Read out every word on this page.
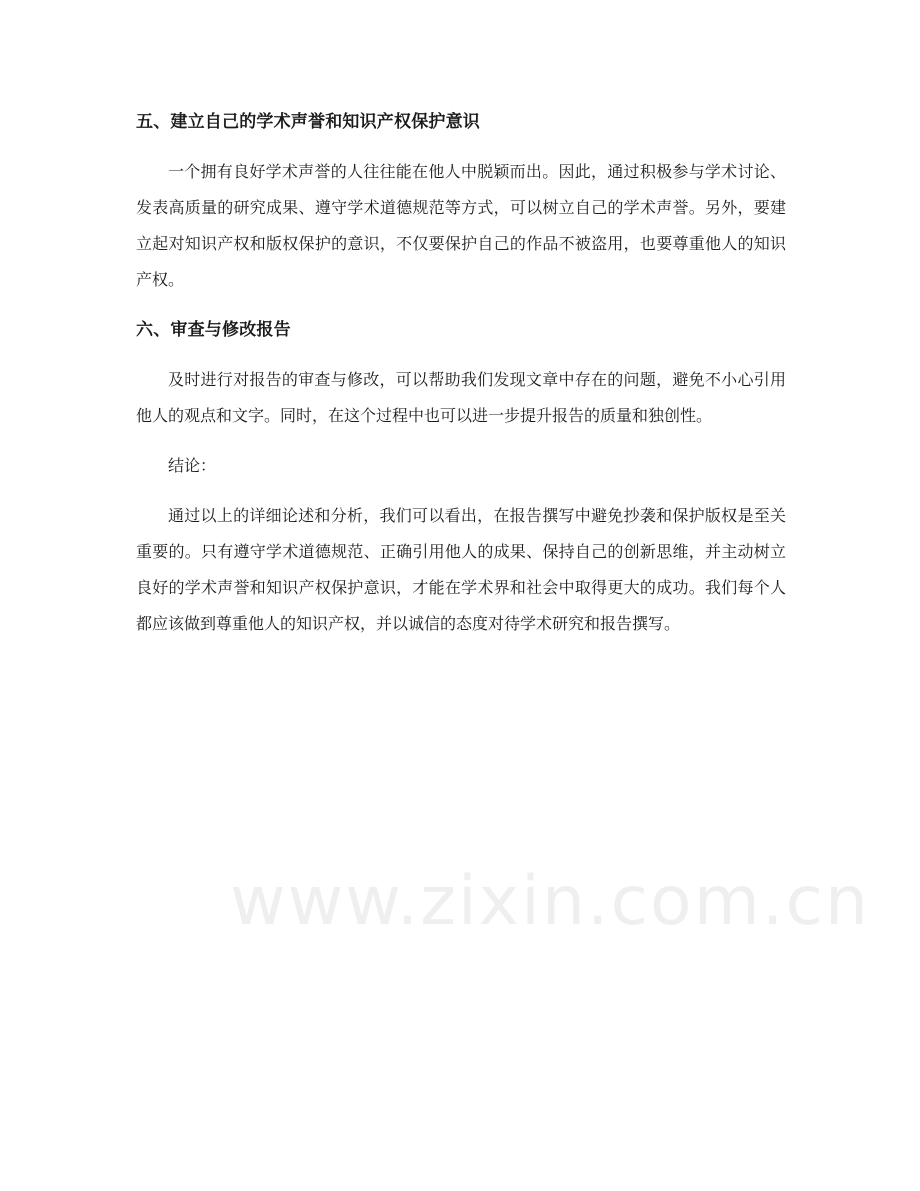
五、建立自己的学术声誉和知识产权保护意识
一个拥有良好学术声誉的人往往能在他人中脱颖而出。因此，通过积极参与学术讨论、发表高质量的研究成果、遵守学术道德规范等方式，可以树立自己的学术声誉。另外，要建立起对知识产权和版权保护的意识，不仅要保护自己的作品不被盗用，也要尊重他人的知识产权。
六、审查与修改报告
及时进行对报告的审查与修改，可以帮助我们发现文章中存在的问题，避免不小心引用他人的观点和文字。同时，在这个过程中也可以进一步提升报告的质量和独创性。
结论：
通过以上的详细论述和分析，我们可以看出，在报告撰写中避免抄袭和保护版权是至关重要的。只有遵守学术道德规范、正确引用他人的成果、保持自己的创新思维，并主动树立良好的学术声誉和知识产权保护意识，才能在学术界和社会中取得更大的成功。我们每个人都应该做到尊重他人的知识产权，并以诚信的态度对待学术研究和报告撰写。
www.zixin.com.cn
